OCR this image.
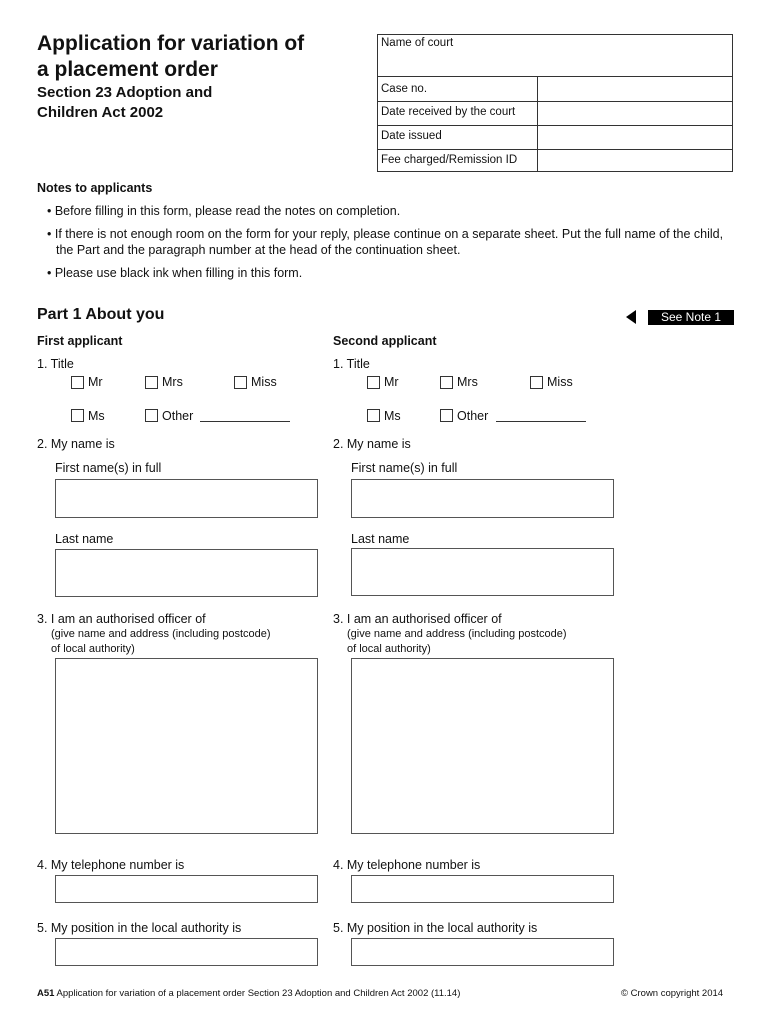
Application for variation of
a placement order
Section 23 Adoption and
Children Act 2002
Name of court
Case no.
Date received by the court
Date issued
Fee charged/Remission ID
Notes to applicants
• Before filling in this form, please read the notes on completion.
• If there is not enough room on the form for your reply, please continue on a separate sheet. Put the full name of the child, the Part and the paragraph number at the head of the continuation sheet.
• Please use black ink when filling in this form.
Part 1 About you	See Note 1
First applicant
1. Title
Mr	Mrs	Miss
Ms	Other
2. My name is
First name(s) in full
Last name
3. I am an authorised officer of
(give name and address (including postcode)
of local authority)
4. My telephone number is
5. My position in the local authority is
Second applicant
1. Title
Mr	Mrs	Miss
Ms	Other
2. My name is
First name(s) in full
Last name
3. I am an authorised officer of
(give name and address (including postcode)
of local authority)
4. My telephone number is
5. My position in the local authority is
A51 Application for variation of a placement order Section 23 Adoption and Children Act 2002 (11.14)	© Crown copyright 2014
